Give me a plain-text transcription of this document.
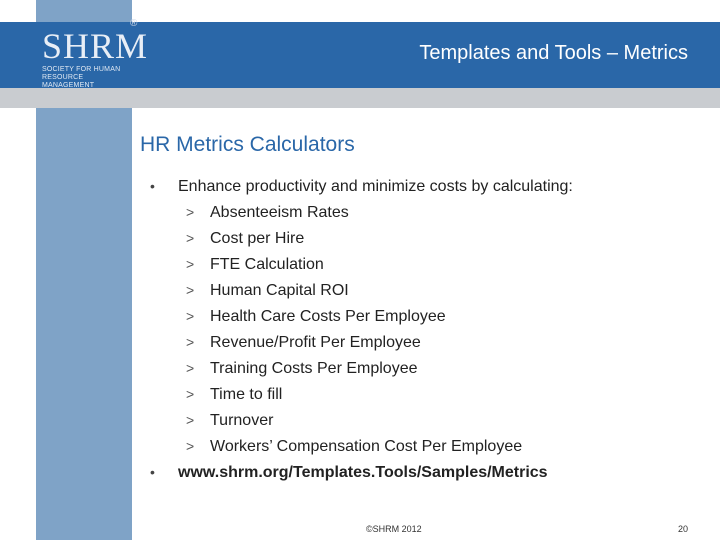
SHRM
®
SOCIETY FOR HUMAN RESOURCE MANAGEMENT
Templates and Tools – Metrics
HR Metrics Calculators
• Enhance productivity and minimize costs by calculating:
> Absenteeism Rates
> Cost per Hire
> FTE Calculation
> Human Capital ROI
> Health Care Costs Per Employee
> Revenue/Profit Per Employee
> Training Costs Per Employee
> Time to fill
> Turnover
> Workers’ Compensation Cost Per Employee
• www.shrm.org/Templates.Tools/Samples/Metrics
©SHRM 2012	20
